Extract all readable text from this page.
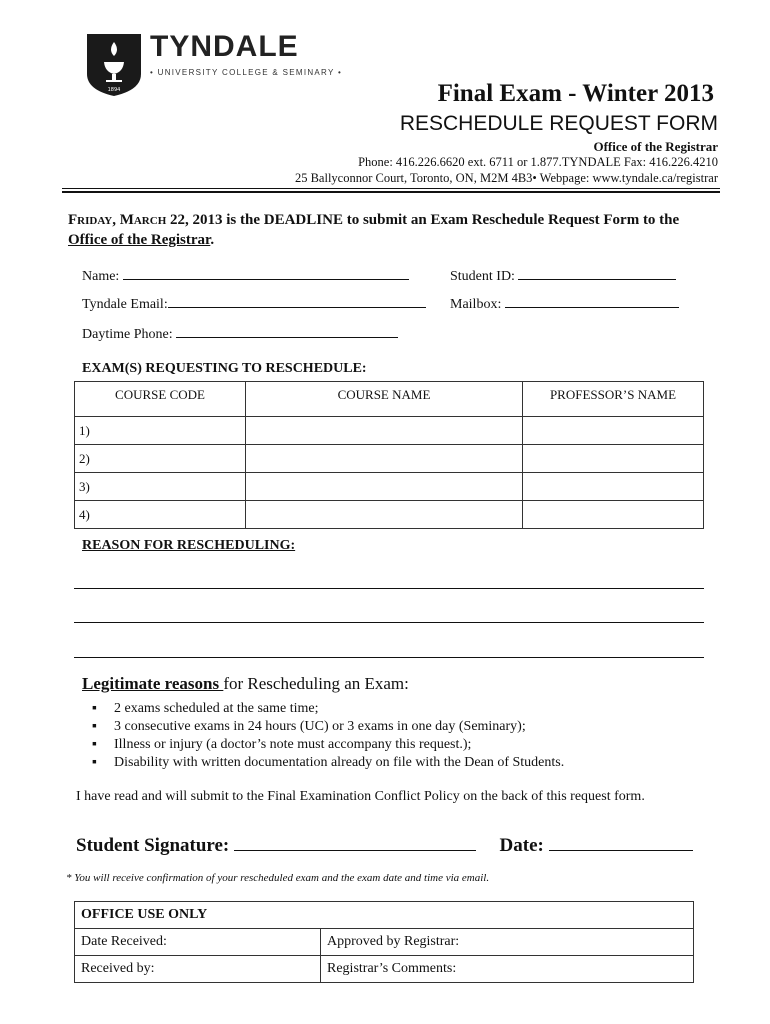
1894
TYNDALE
• UNIVERSITY COLLEGE & SEMINARY •
Final Exam - Winter 2013
RESCHEDULE REQUEST FORM
Office of the Registrar
Phone: 416.226.6620 ext. 6711 or 1.877.TYNDALE Fax: 416.226.4210
25 Ballyconnor Court, Toronto, ON, M2M 4B3• Webpage: www.tyndale.ca/registrar
Friday, March 22, 2013 is the DEADLINE to submit an Exam Reschedule Request Form to the Office of the Registrar.
Name:	Student ID:
Tyndale Email:	Mailbox:
Daytime Phone:
EXAM(S) REQUESTING TO RESCHEDULE:
COURSE CODE	COURSE NAME	PROFESSOR’S NAME
1)		
2)		
3)		
4)		
REASON FOR RESCHEDULING:
Legitimate reasons for Rescheduling an Exam:
▪ 2 exams scheduled at the same time;
▪ 3 consecutive exams in 24 hours (UC) or 3 exams in one day (Seminary);
▪ Illness or injury (a doctor’s note must accompany this request.);
▪ Disability with written documentation already on file with the Dean of Students.
I have read and will submit to the Final Examination Conflict Policy on the back of this request form.
Student Signature:	Date:
* You will receive confirmation of your rescheduled exam and the exam date and time via email.
OFFICE USE ONLY	
Date Received:	Approved by Registrar:
Received by:	Registrar’s Comments:
